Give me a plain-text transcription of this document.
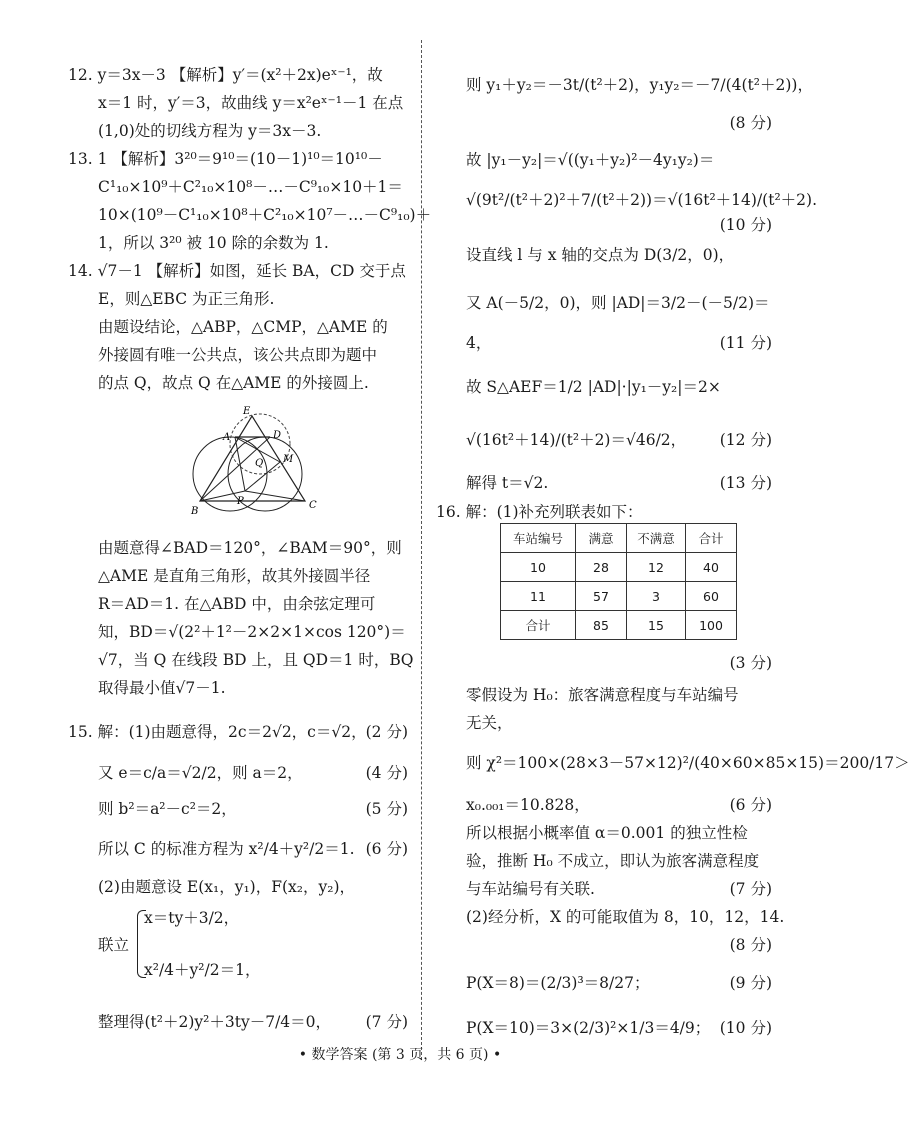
12. y＝3x－3 【解析】y′＝(x²＋2x)eˣ⁻¹，故
x＝1 时，y′＝3，故曲线 y＝x²eˣ⁻¹－1 在点
(1,0)处的切线方程为 y＝3x－3.
13. 1 【解析】3²⁰＝9¹⁰＝(10－1)¹⁰＝10¹⁰－
C¹₁₀×10⁹＋C²₁₀×10⁸－…－C⁹₁₀×10＋1＝
10×(10⁹－C¹₁₀×10⁸＋C²₁₀×10⁷－…－C⁹₁₀)＋
1，所以 3²⁰ 被 10 除的余数为 1.
14. √7－1 【解析】如图，延长 BA，CD 交于点
E，则△EBC 为正三角形.
由题设结论，△ABP，△CMP，△AME 的
外接圆有唯一公共点，该公共点即为题中
的点 Q，故点 Q 在△AME 的外接圆上.
由题意得∠BAD＝120°，∠BAM＝90°，则
△AME 是直角三角形，故其外接圆半径
R＝AD＝1. 在△ABD 中，由余弦定理可
知，BD＝√(2²＋1²－2×2×1×cos 120°)＝
√7，当 Q 在线段 BD 上，且 QD＝1 时，BQ
取得最小值√7－1.
15. 解：(1)由题意得，2c＝2√2，c＝√2， (2 分)
又 e＝c/a＝√2/2，则 a＝2，	(4 分)
则 b²＝a²－c²＝2，	(5 分)
所以 C 的标准方程为 x²/4＋y²/2＝1. (6 分)
(2)由题意设 E(x₁，y₁)，F(x₂，y₂)，
联立
x＝ty＋3/2，
x²/4＋y²/2＝1，
整理得(t²＋2)y²＋3ty－7/4＝0， (7 分)
E
A	D
Q M
B
P	C
则 y₁＋y₂＝－3t/(t²＋2)，y₁y₂＝－7/(4(t²＋2))，
(8 分)
故 |y₁－y₂|＝√((y₁＋y₂)²－4y₁y₂)＝
√(9t²/(t²＋2)²＋7/(t²＋2))＝√(16t²＋14)/(t²＋2).
(10 分)
设直线 l 与 x 轴的交点为 D(3/2，0)，
又 A(－5/2，0)，则 |AD|＝3/2－(－5/2)＝
4，	(11 分)
故 S△AEF＝1/2 |AD|·|y₁－y₂|＝2×
√(16t²＋14)/(t²＋2)＝√46/2， (12 分)
解得 t＝√2.	(13 分)
16. 解：(1)补充列联表如下：
(3 分)
零假设为 H₀：旅客满意程度与车站编号
无关，
则 χ²＝100×(28×3－57×12)²/(40×60×85×15)＝200/17＞
x₀.₀₀₁＝10.828，	(6 分)
所以根据小概率值 α＝0.001 的独立性检
验，推断 H₀ 不成立，即认为旅客满意程度
与车站编号有关联.	(7 分)
(2)经分析，X 的可能取值为 8，10，12，14.
(8 分)
P(X＝8)＝(2/3)³＝8/27；	(9 分)
P(X＝10)＝3×(2/3)²×1/3＝4/9； (10 分)
车站编号	满意	不满意	合计
10	28	12	40
11	57	3	60
合计	85	15	100
• 数学答案 (第 3 页，共 6 页) •
